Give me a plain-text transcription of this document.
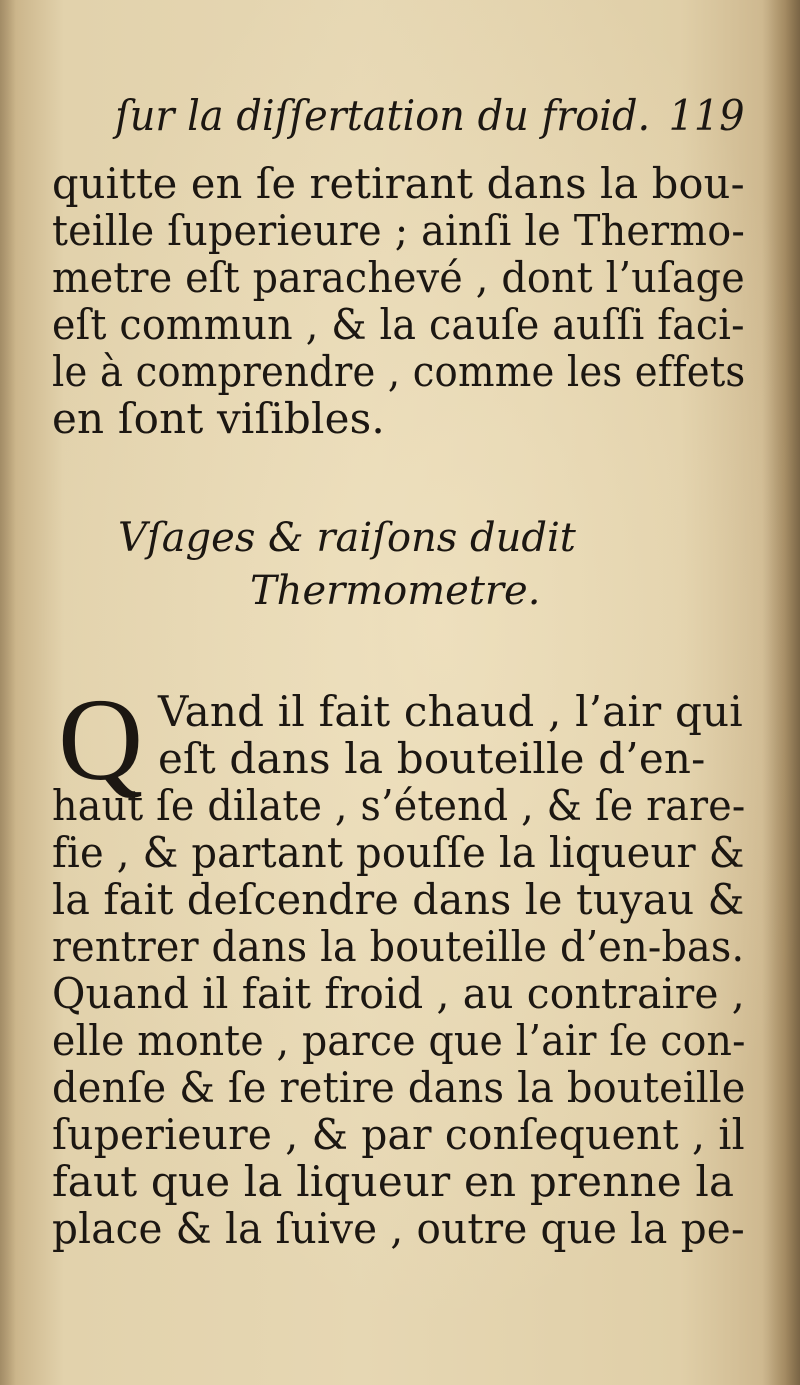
ſur la diſſertation du froid. 119
quitte en ſe retirant dans la bou-
teille ſuperieure ; ainſi le Thermo-
metre eſt parachevé , dont l’uſage
eſt commun , & la cauſe auſſi faci-
le à comprendre , comme les effets
en ſont viſibles.
Vſages & raiſons dudit
Thermometre.
Q Vand il fait chaud , l’air qui
eſt dans la bouteille d’en-
haut ſe dilate , s’étend , & ſe rare-
fie , & partant pouſſe la liqueur &
la fait deſcendre dans le tuyau &
rentrer dans la bouteille d’en-bas.
Quand il fait froid , au contraire ,
elle monte , parce que l’air ſe con-
denſe & ſe retire dans la bouteille
ſuperieure , & par conſequent , il
faut que la liqueur en prenne la
place & la ſuive , outre que la pe-
